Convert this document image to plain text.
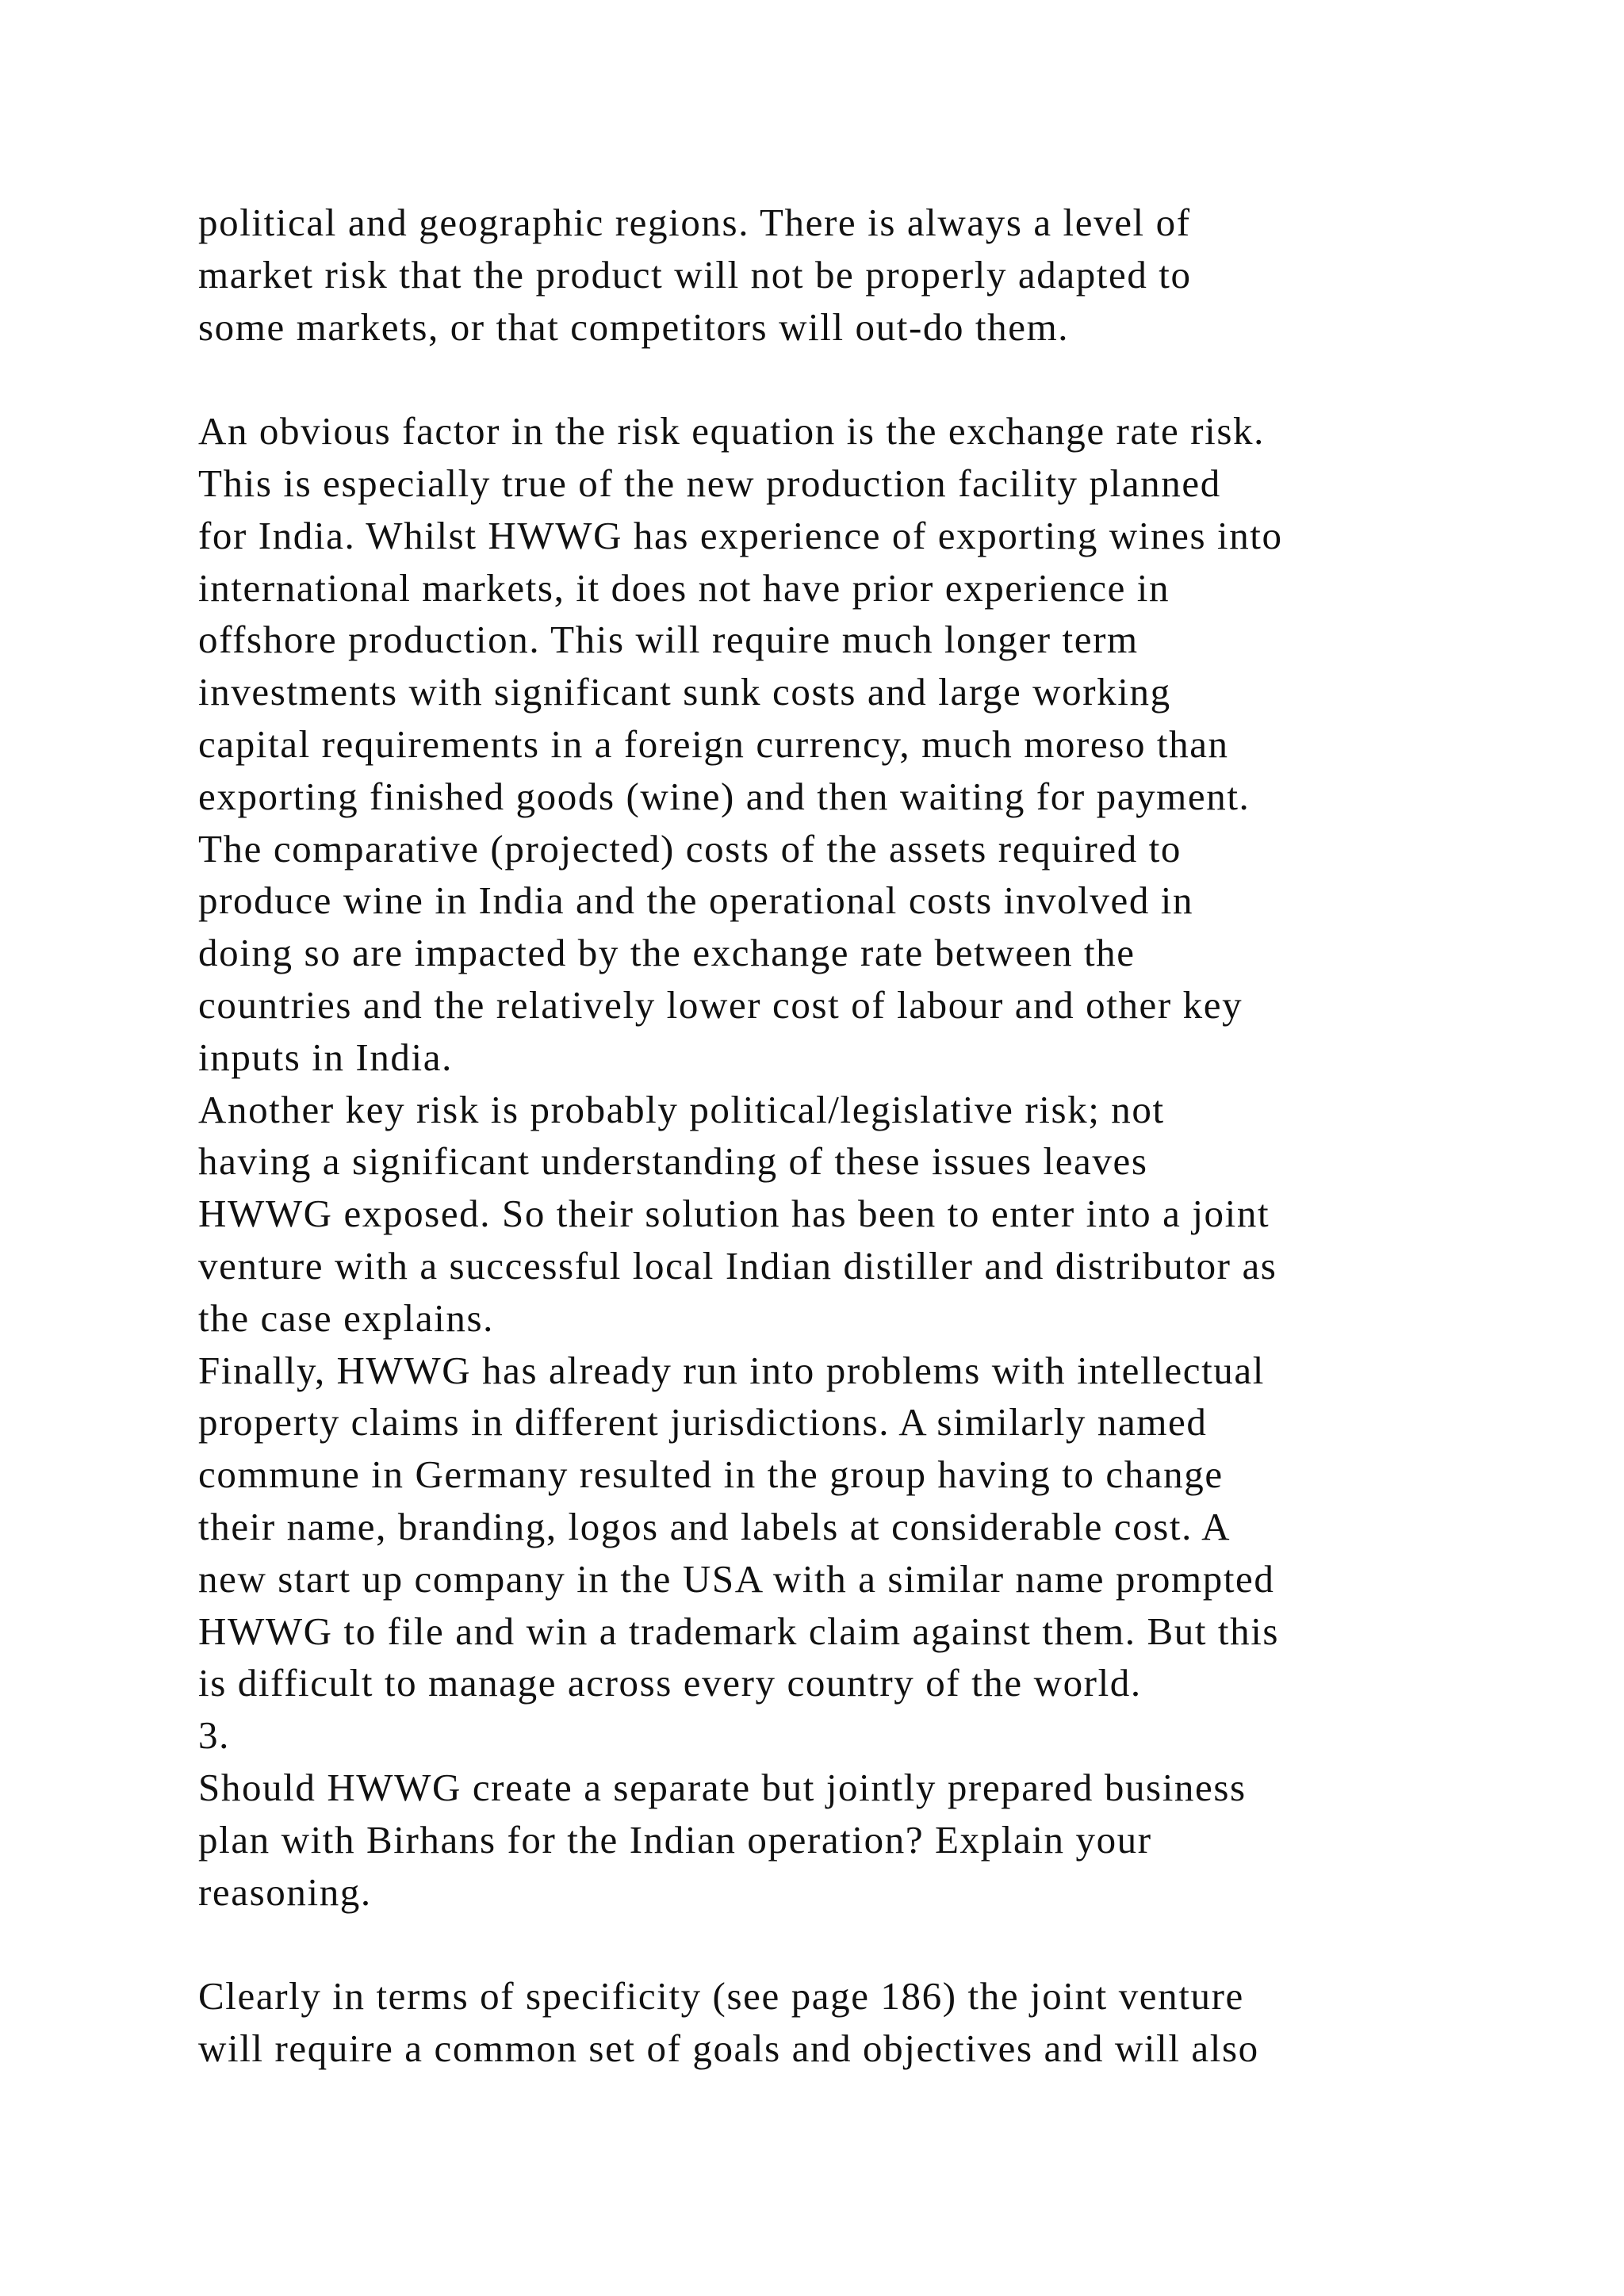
political and geographic regions. There is always a level of
market risk that the product will not be properly adapted to
some markets, or that competitors will out-do them.
An obvious factor in the risk equation is the exchange rate risk.
This is especially true of the new production facility planned
for India. Whilst HWWG has experience of exporting wines into
international markets, it does not have prior experience in
offshore production. This will require much longer term
investments with significant sunk costs and large working
capital requirements in a foreign currency, much moreso than
exporting finished goods (wine) and then waiting for payment.
The comparative (projected) costs of the assets required to
produce wine in India and the operational costs involved in
doing so are impacted by the exchange rate between the
countries and the relatively lower cost of labour and other key
inputs in India.
Another key risk is probably political/legislative risk; not
having a significant understanding of these issues leaves
HWWG exposed. So their solution has been to enter into a joint
venture with a successful local Indian distiller and distributor as
the case explains.
Finally, HWWG has already run into problems with intellectual
property claims in different jurisdictions. A similarly named
commune in Germany resulted in the group having to change
their name, branding, logos and labels at considerable cost. A
new start up company in the USA with a similar name prompted
HWWG to file and win a trademark claim against them. But this
is difficult to manage across every country of the world.
3.
Should HWWG create a separate but jointly prepared business
plan with Birhans for the Indian operation? Explain your
reasoning.
Clearly in terms of specificity (see page 186) the joint venture
will require a common set of goals and objectives and will also
